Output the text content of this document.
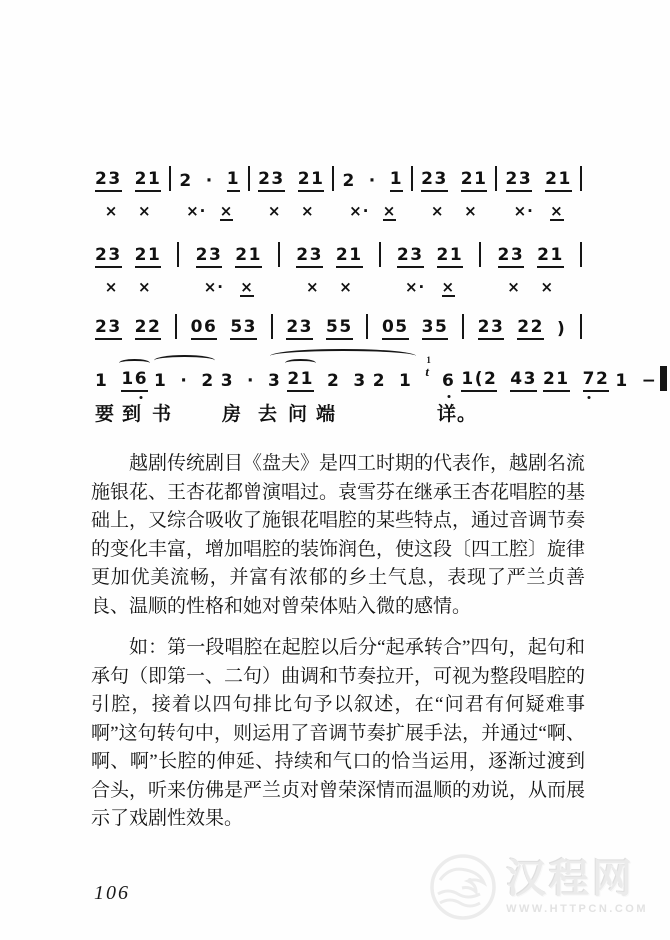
23 21
× ×
2 · 1
×· ×
23 21
× ×
2 · 1
×· ×
23 21
× ×
23 21
×· ×
23 21
× ×
23 21
×· ×
23 21
× ×
23 21
×· ×
23 21
× ×
23 22 06 53 23 55 05 35 23 22 )
1 16 1 · 2 3 · 3 21 2 3 2 1
1
t 6 1(2 43 21 7
2 1 −
要 到 书	房 去 问 端	详。

越剧传统剧目《盘夫》是四工时期的代表作，越剧名流施银花、王杏花都曾演唱过。袁雪芬在继承王杏花唱腔的基础上，又综合吸收了施银花唱腔的某些特点，通过音调节奏的变化丰富，增加唱腔的装饰润色，使这段〔四工腔〕旋律更加优美流畅，并富有浓郁的乡土气息，表现了严兰贞善良、温顺的性格和她对曾荣体贴入微的感情。

如：第一段唱腔在起腔以后分“起承转合”四句，起句和承句（即第一、二句）曲调和节奏拉开，可视为整段唱腔的引腔，接着以四句排比句予以叙述，在“问君有何疑难事啊”这句转句中，则运用了音调节奏扩展手法，并通过“啊、啊、啊”长腔的伸延、持续和气口的恰当运用，逐渐过渡到合头，听来仿佛是严兰贞对曾荣深情而温顺的劝说，从而展示了戏剧性效果。

106	汉程网
WWW.HTTPCN.COM
